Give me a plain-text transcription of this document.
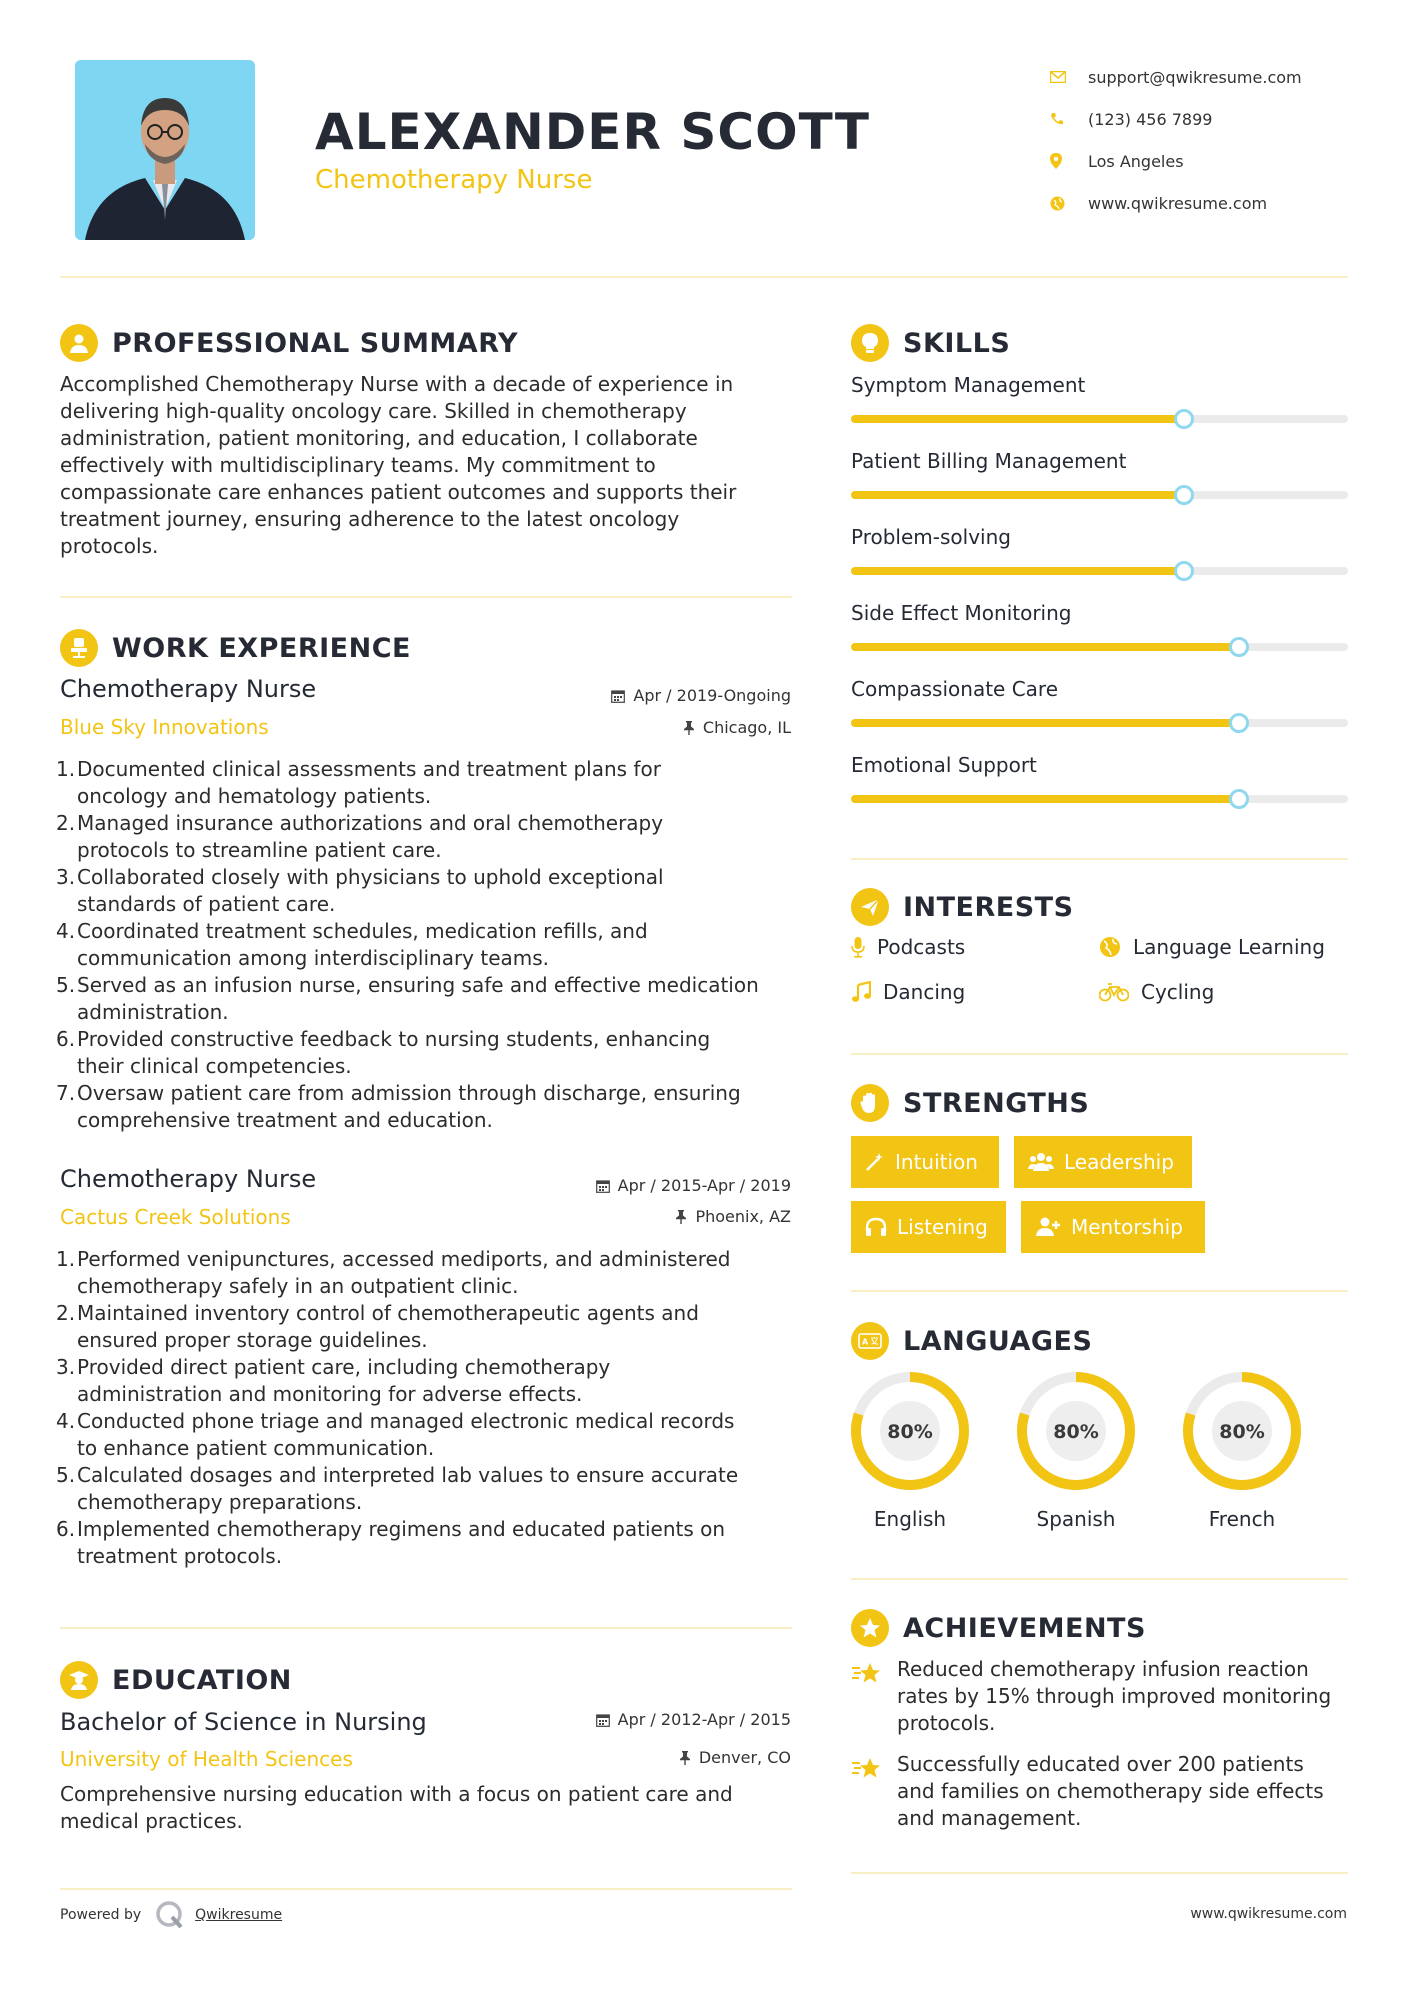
ALEXANDER SCOTT
Chemotherapy Nurse
support@qwikresume.com
(123) 456 7899
Los Angeles
www.qwikresume.com
PROFESSIONAL SUMMARY
Accomplished Chemotherapy Nurse with a decade of experience in
delivering high-quality oncology care. Skilled in chemotherapy
administration, patient monitoring, and education, I collaborate
effectively with multidisciplinary teams. My commitment to
compassionate care enhances patient outcomes and supports their
treatment journey, ensuring adherence to the latest oncology
protocols.
WORK EXPERIENCE
Chemotherapy Nurse	Apr / 2019-Ongoing
Blue Sky Innovations	Chicago, IL
1. Documented clinical assessments and treatment plans for
oncology and hematology patients.
2. Managed insurance authorizations and oral chemotherapy
protocols to streamline patient care.
3. Collaborated closely with physicians to uphold exceptional
standards of patient care.
4. Coordinated treatment schedules, medication refills, and
communication among interdisciplinary teams.
5. Served as an infusion nurse, ensuring safe and effective medication
administration.
6. Provided constructive feedback to nursing students, enhancing
their clinical competencies.
7. Oversaw patient care from admission through discharge, ensuring
comprehensive treatment and education.
Chemotherapy Nurse	Apr / 2015-Apr / 2019
Cactus Creek Solutions	Phoenix, AZ
1. Performed venipunctures, accessed mediports, and administered
chemotherapy safely in an outpatient clinic.
2. Maintained inventory control of chemotherapeutic agents and
ensured proper storage guidelines.
3. Provided direct patient care, including chemotherapy
administration and monitoring for adverse effects.
4. Conducted phone triage and managed electronic medical records
to enhance patient communication.
5. Calculated dosages and interpreted lab values to ensure accurate
chemotherapy preparations.
6. Implemented chemotherapy regimens and educated patients on
treatment protocols.
EDUCATION
Bachelor of Science in Nursing	Apr / 2012-Apr / 2015
University of Health Sciences	Denver, CO
Comprehensive nursing education with a focus on patient care and
medical practices.
SKILLS
Symptom Management
Patient Billing Management
Problem-solving
Side Effect Monitoring
Compassionate Care
Emotional Support
INTERESTS
Podcasts	Language Learning
Dancing	Cycling
STRENGTHS
Intuition	Leadership
Listening	Mentorship
A LANGUAGES
80%
English
80%
Spanish
80%
French
ACHIEVEMENTS
Reduced chemotherapy infusion reaction
rates by 15% through improved monitoring
protocols.
Successfully educated over 200 patients
and families on chemotherapy side effects
and management.
Powered by	Qwikresume	www.qwikresume.com
